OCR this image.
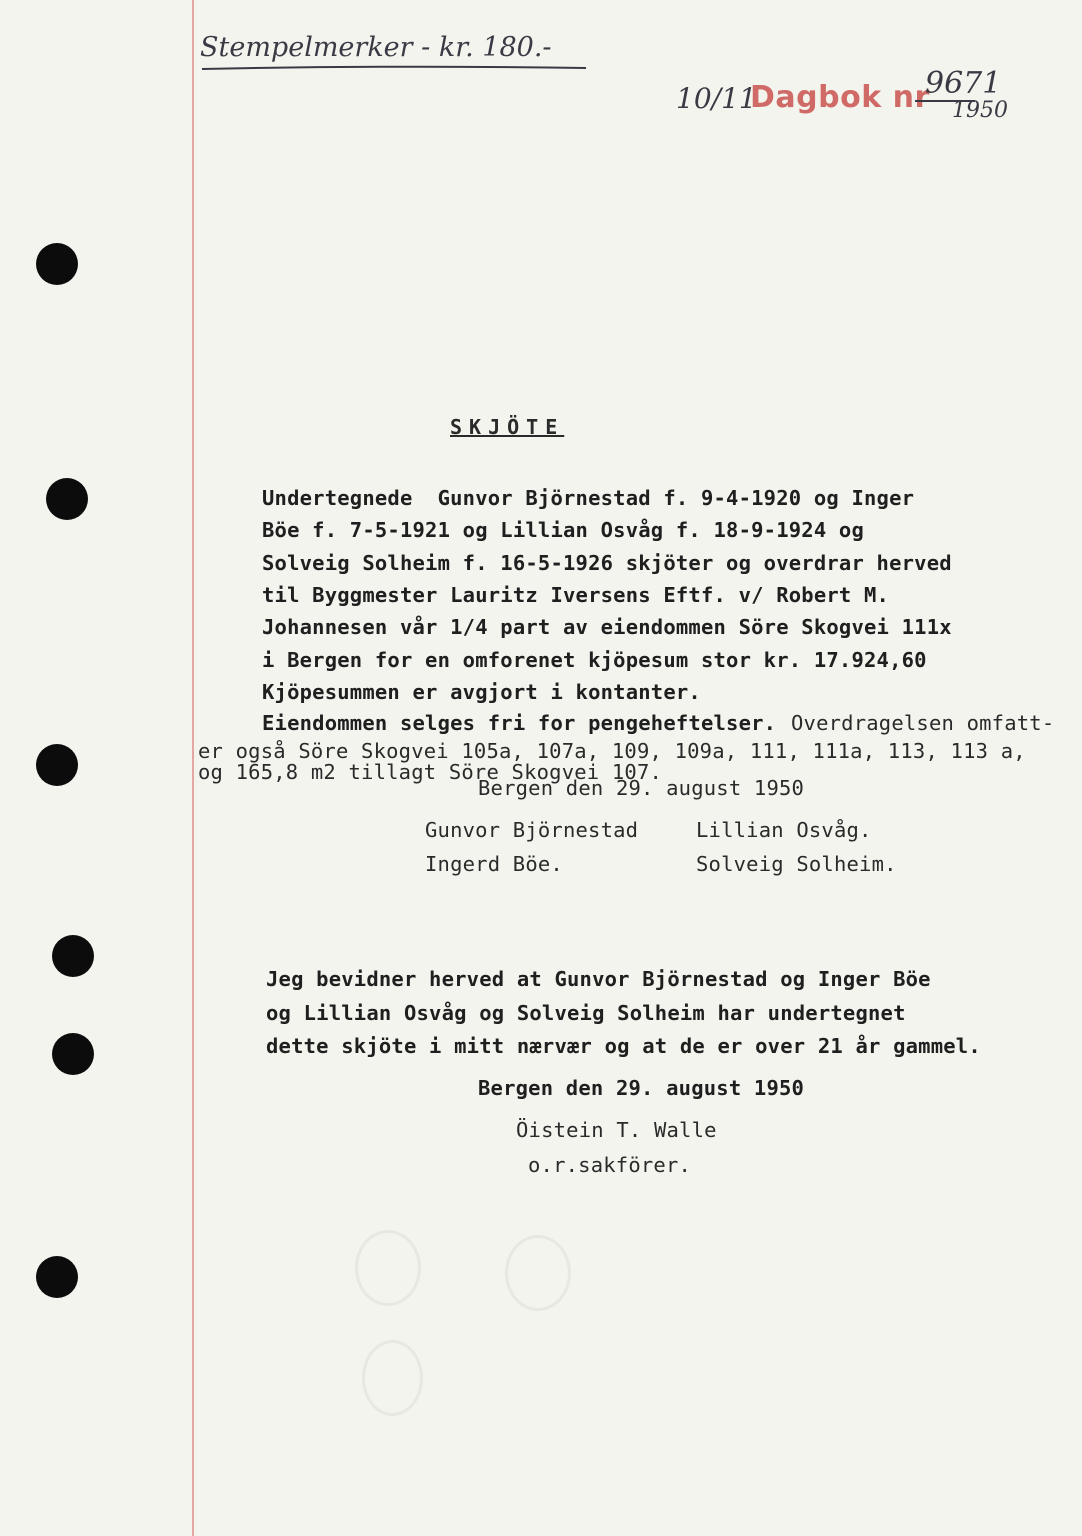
Stempelmerker - kr. 180.-
10/11
Dagbok nr
9671
1950
SKJÖTE
Undertegnede  Gunvor Björnestad f. 9-4-1920 og Inger
Böe f. 7-5-1921 og Lillian Osvåg f. 18-9-1924 og
Solveig Solheim f. 16-5-1926 skjöter og overdrar herved
til Byggmester Lauritz Iversens Eftf. v/ Robert M.
Johannesen vår 1/4 part av eiendommen Söre Skogvei 111x
i Bergen for en omforenet kjöpesum stor kr. 17.924,60
Kjöpesummen er avgjort i kontanter.
Eiendommen selges fri for pengeheftelser. Overdragelsen omfatt-
er også Söre Skogvei 105a, 107a, 109, 109a, 111, 111a, 113, 113 a,
og 165,8 m2 tillagt Söre Skogvei 107.
Bergen den 29. august 1950
Gunvor Björnestad	Lillian Osvåg.
Ingerd Böe.	Solveig Solheim.
Jeg bevidner herved at Gunvor Björnestad og Inger Böe
og Lillian Osvåg og Solveig Solheim har undertegnet
dette skjöte i mitt nærvær og at de er over 21 år gammel.
Bergen den 29. august 1950
Öistein T. Walle
o.r.sakförer.
